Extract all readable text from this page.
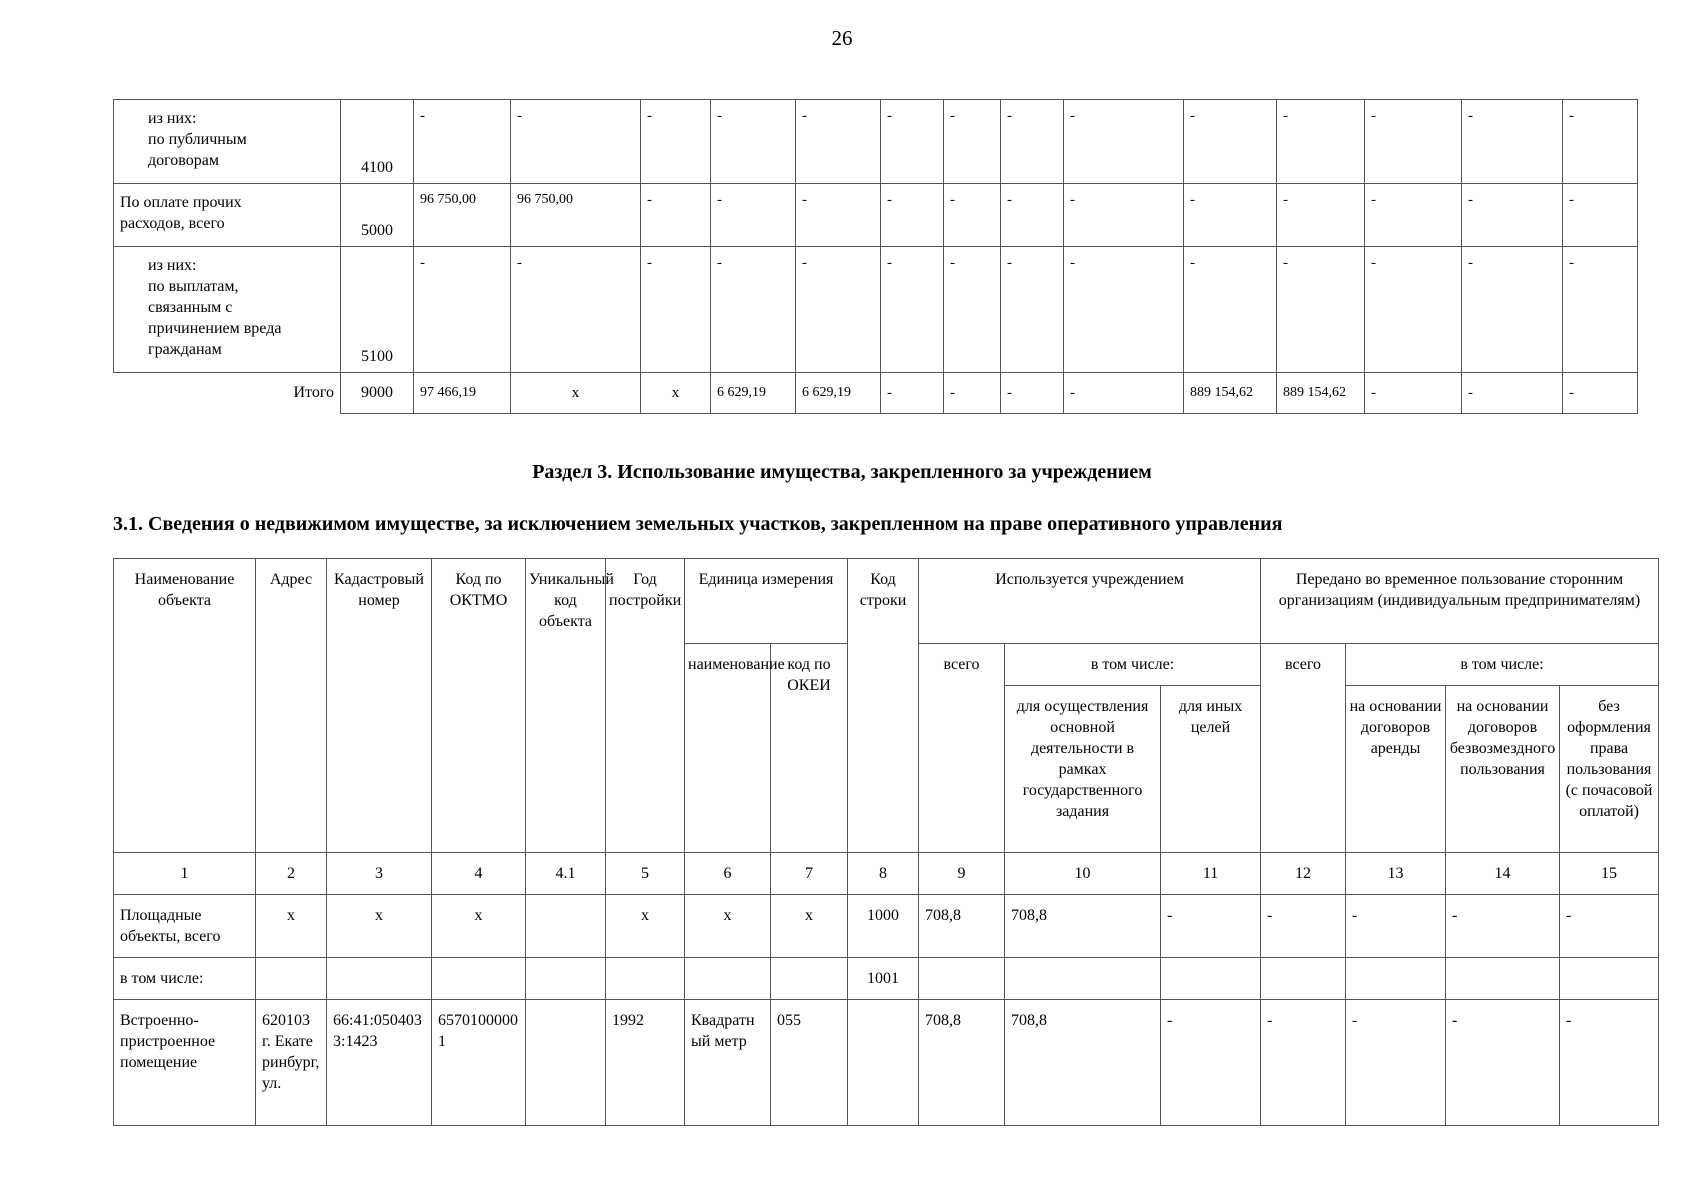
26
из них:
по публичным
договорам	4100	-	-	-	-	-	-	-	-	-	-	-	-	-	-
По оплате прочих
расходов, всего	5000	96 750,00	96 750,00	-	-	-	-	-	-	-	-	-	-	-	-
из них:
по выплатам,
связанным с
причинением вреда
гражданам	5100	-	-	-	-	-	-	-	-	-	-	-	-	-	-
Итого	9000	97 466,19	x	x	6 629,19	6 629,19	-	-	-	-	889 154,62	889 154,62	-	-	-
Раздел 3. Использование имущества, закрепленного за учреждением
3.1. Сведения о недвижимом имуществе, за исключением земельных участков, закрепленном на праве оперативного управления
Наименование объекта	Адрес	Кадастровый номер	Код по ОКТМО	Уникальный код объекта	Год постройки	Единица измерения		Код строки	Используется учреждением			Передано во временное пользование сторонним организациям (индивидуальным предпринимателям)			
						наименование	код по ОКЕИ		всего	в том числе:		всего	в том числе:		
										для осуществления основной деятельности в рамках государственного задания	для иных целей		на основании договоров аренды	на основании договоров безвозмездного пользования	без оформления права пользования (с почасовой оплатой)
1	2	3	4	4.1	5	6	7	8	9	10	11	12	13	14	15
Площадные объекты, всего	x	x	x		x	x	x	1000	708,8	708,8	-	-	-	-	-
в том числе:								1001							
Встроенно-пристроенное помещение	620103 г. Екатеринбург, ул.	66:41:0504033:1423	65701000001		1992	Квадратный метр	055		708,8	708,8	-	-	-	-	-
